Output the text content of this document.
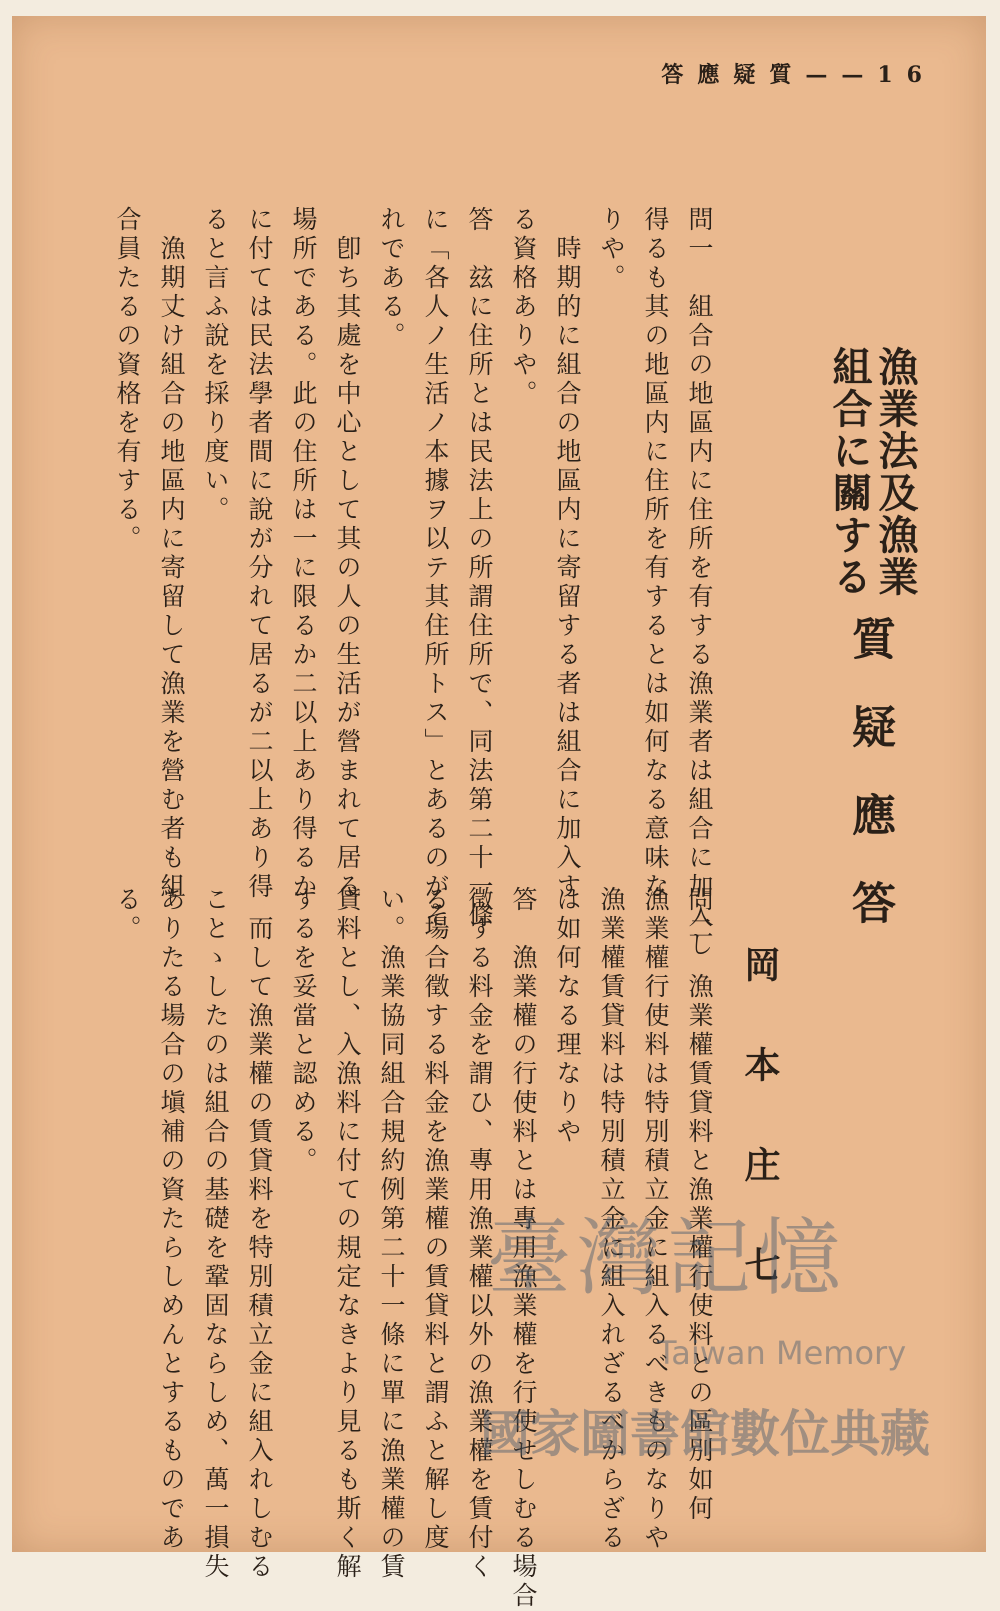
答應疑質——16
漁業法及漁業
組合に關する
質　疑　應　答
岡　本　庄　七
問一　組合の地區内に住所を有する漁業者は組合に加入し
得るも其の地區内に住所を有するとは如何なる意味な
りや。
　時期的に組合の地區内に寄留する者は組合に加入す
る資格ありや。
答　玆に住所とは民法上の所謂住所で、同法第二十一條
に「各人ノ生活ノ本據ヲ以テ其住所トス」とあるのがそ
れである。
　卽ち其處を中心として其の人の生活が營まれて居る
場所である。此の住所は一に限るか二以上あり得るか
に付ては民法學者間に說が分れて居るが二以上あり得
ると言ふ說を採り度い。
　漁期丈け組合の地區内に寄留して漁業を營む者も組
合員たるの資格を有する。
問二　漁業權賃貸料と漁業權行使料との區別如何
漁業權行使料は特別積立金に組入るべきものなりや
漁業權賃貸料は特別積立金に組入れざるべからざる
は如何なる理なりや
答　漁業權の行使料とは專用漁業權を行使せしむる場合
徵する料金を謂ひ、專用漁業權以外の漁業權を賃付く
る場合徵する料金を漁業權の賃貸料と謂ふと解し度
い。漁業協同組合規約例第二十一條に單に漁業權の賃
貸料とし、入漁料に付ての規定なきより見るも斯く解
するを妥當と認める。
　而して漁業權の賃貸料を特別積立金に組入れしむる
ことゝしたのは組合の基礎を鞏固ならしめ、萬一損失
ありたる場合の塡補の資たらしめんとするものであ
る。
臺灣記憶
Taiwan Memory
國家圖書館數位典藏
